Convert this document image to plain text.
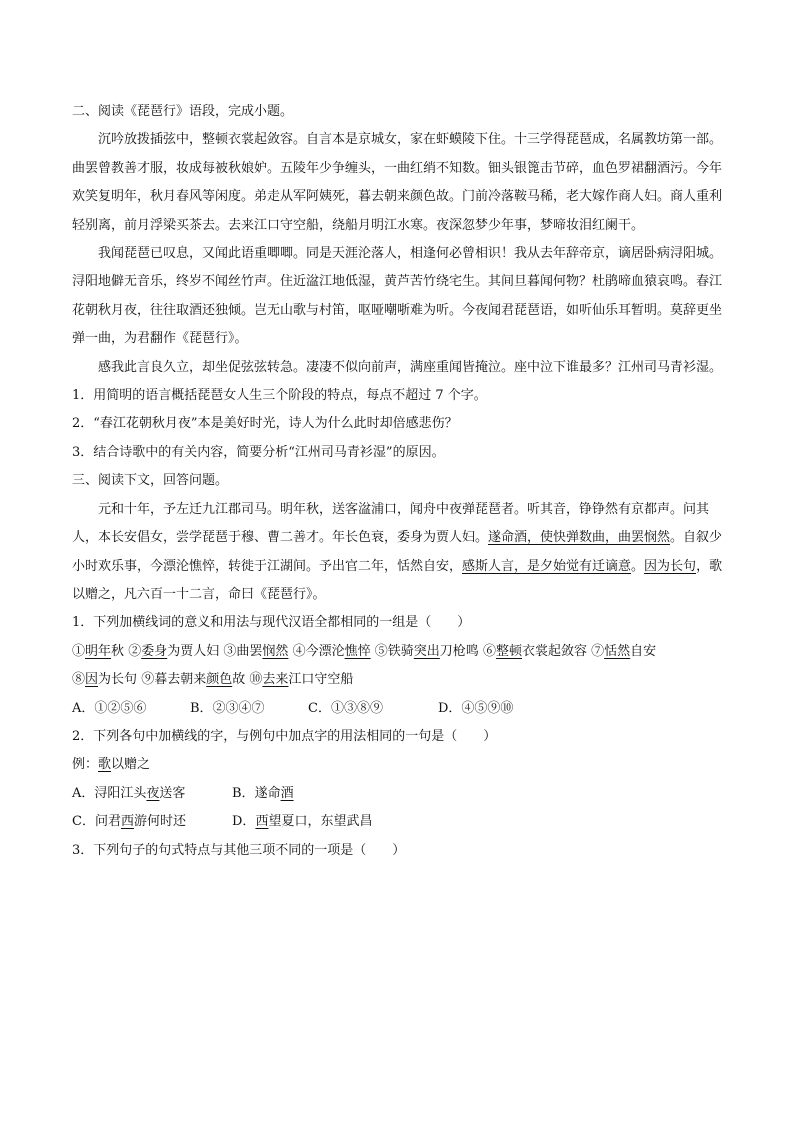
二、阅读《琵琶行》语段，完成小题。

沉吟放拨插弦中，整顿衣裳起敛容。自言本是京城女，家在虾蟆陵下住。十三学得琵琶成，名属教坊第一部。曲罢曾教善才服，妆成每被秋娘妒。五陵年少争缠头，一曲红绡不知数。钿头银篦击节碎，血色罗裙翻酒污。今年欢笑复明年，秋月春风等闲度。弟走从军阿姨死，暮去朝来颜色故。门前冷落鞍马稀，老大嫁作商人妇。商人重利轻别离，前月浮梁买茶去。去来江口守空船，绕船月明江水寒。夜深忽梦少年事，梦啼妆泪红阑干。

我闻琵琶已叹息，又闻此语重唧唧。同是天涯沦落人，相逢何必曾相识！我从去年辞帝京，谪居卧病浔阳城。浔阳地僻无音乐，终岁不闻丝竹声。住近湓江地低湿，黄芦苦竹绕宅生。其间旦暮闻何物？杜鹃啼血猿哀鸣。春江花朝秋月夜，往往取酒还独倾。岂无山歌与村笛，呕哑嘲哳难为听。今夜闻君琵琶语，如听仙乐耳暂明。莫辞更坐弹一曲，为君翻作《琵琶行》。

感我此言良久立，却坐促弦弦转急。凄凄不似向前声，满座重闻皆掩泣。座中泣下谁最多？江州司马青衫湿。

1．用简明的语言概括琵琶女人生三个阶段的特点，每点不超过 7 个字。

2．“春江花朝秋月夜”本是美好时光，诗人为什么此时却倍感悲伤？

3．结合诗歌中的有关内容，简要分析“江州司马青衫湿”的原因。

三、阅读下文，回答问题。

元和十年，予左迁九江郡司马。明年秋，送客湓浦口，闻舟中夜弹琵琶者。听其音，铮铮然有京都声。问其人，本长安倡女，尝学琵琶于穆、曹二善才。年长色衰，委身为贾人妇。遂命酒，使快弹数曲，曲罢悯然。自叙少小时欢乐事，今漂沦憔悴，转徙于江湖间。予出官二年，恬然自安，感斯人言，是夕始觉有迁谪意。因为长句，歌以赠之，凡六百一十二言，命曰《琵琶行》。

1．下列加横线词的意义和用法与现代汉语全都相同的一组是（　　）

①明年秋 ②委身为贾人妇 ③曲罢悯然 ④今漂沦憔悴 ⑤铁骑突出刀枪鸣 ⑥整顿衣裳起敛容 ⑦恬然自安

⑧因为长句 ⑨暮去朝来颜色故 ⑩去来江口守空船

A．①②⑤⑥	B．②③④⑦	C．①③⑧⑨	D．④⑤⑨⑩

2．下列各句中加横线的字，与例句中加点字的用法相同的一句是（　　）

例：歌以赠之

A．浔阳江头夜送客	B．遂命酒

C．问君西游何时还	D．西望夏口，东望武昌

3．下列句子的句式特点与其他三项不同的一项是（　　）
